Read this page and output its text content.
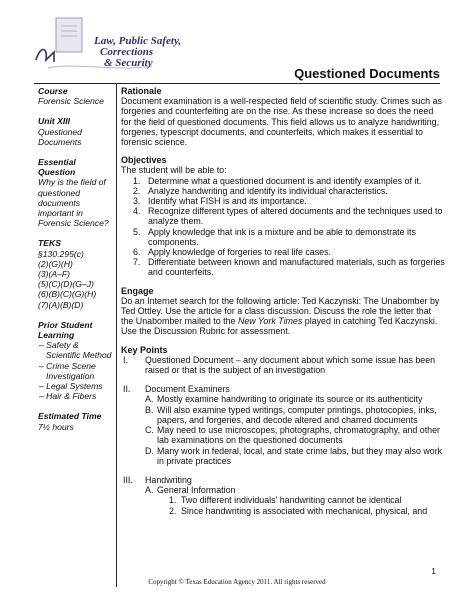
Law, Public Safety,
Corrections
& Security
Questioned Documents
Course
Forensic Science
Unit XIII
Questioned Documents
Essential Question
Why is the field of questioned documents important in Forensic Science?
TEKS
§130.295(c)
(2)(G)(H)
(3)(A–F)
(5)(C)(D)(G–J)
(6)(B)(C)(G)(H)
(7)(A)(B)(D)
Prior Student Learning
– Safety & Scientific Method
– Crime Scene Investigation
– Legal Systems
– Hair & Fibers
Estimated Time
7½ hours
Rationale

Document examination is a well-respected field of scientific study. Crimes such as forgeries and counterfeiting are on the rise. As these increase so does the need for the field of questioned documents. This field allows us to analyze handwriting, forgeries, typescript documents, and counterfeits, which makes it essential to forensic science.

Objectives

The student will be able to:

1. Determine what a questioned document is and identify examples of it.
2. Analyze handwriting and identify its individual characteristics.
3. Identify what FISH is and its importance.
4. Recognize different types of altered documents and the techniques used to analyze them.
5. Apply knowledge that ink is a mixture and be able to demonstrate its components.
6. Apply knowledge of forgeries to real life cases.
7. Differentiate between known and manufactured materials, such as forgeries and counterfeits.
Engage

Do an Internet search for the following article: Ted Kaczynski: The Unabomber by Ted Ottley. Use the article for a class discussion. Discuss the role the letter that the Unabomber mailed to the New York Times played in catching Ted Kaczynski. Use the Discussion Rubric for assessment.

Key Points
I. Questioned Document – any document about which some issue has been raised or that is the subject of an investigation
II. Document Examiners
A. Mostly examine handwriting to originate its source or its authenticity
B. Will also examine typed writings, computer printings, photocopies, inks, papers, and forgeries, and decode altered and charred documents
C. May need to use microscopes, photographs, chromatography, and other lab examinations on the questioned documents
D. Many work in federal, local, and state crime labs, but they may also work in private practices
III. Handwriting
A. General Information
1. Two different individuals' handwriting cannot be identical
2. Since handwriting is associated with mechanical, physical, and
1
Copyright © Texas Education Agency 2011. All rights reserved
